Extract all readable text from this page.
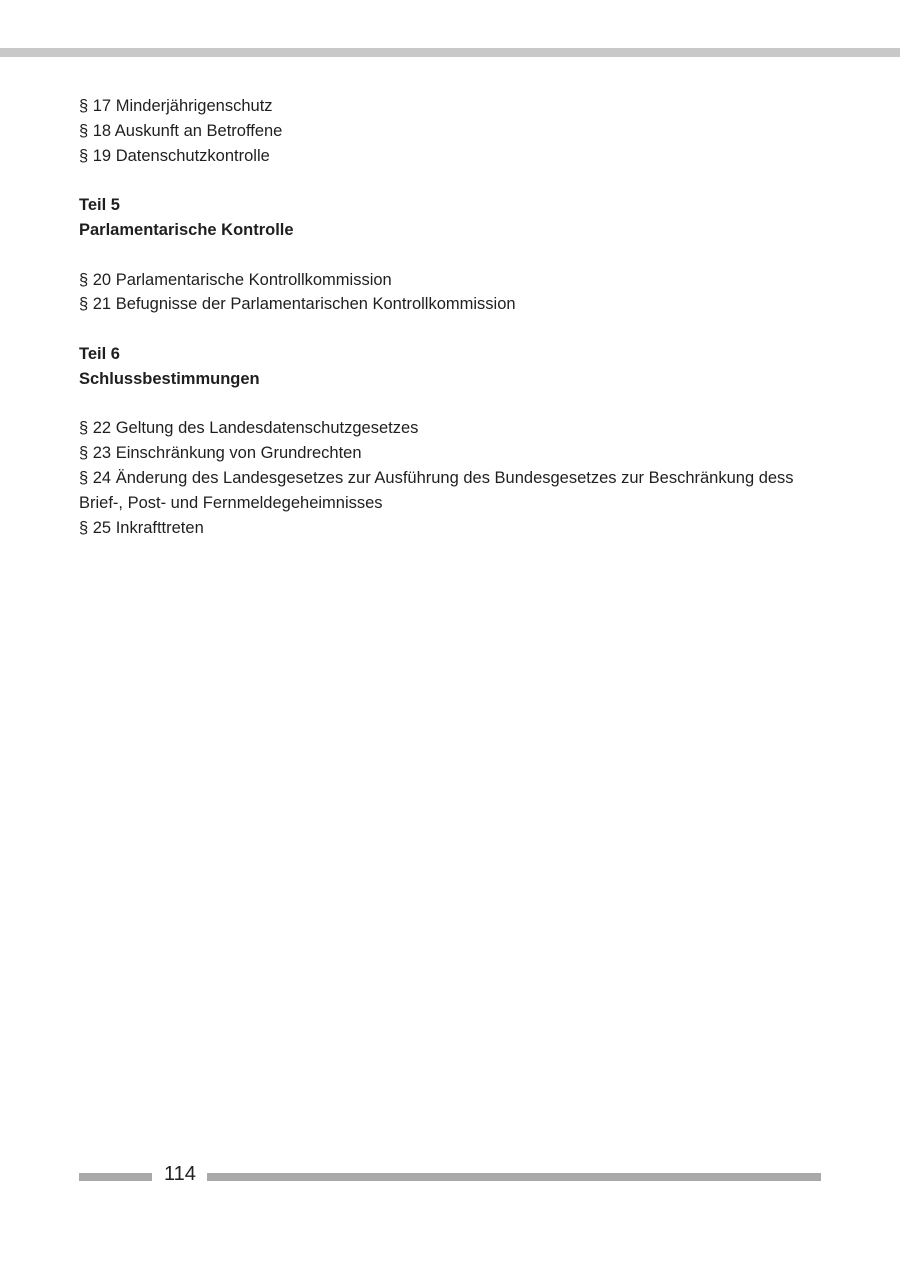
§ 17 Minderjährigenschutz
§ 18 Auskunft an Betroffene
§ 19 Datenschutzkontrolle
Teil 5
Parlamentarische Kontrolle
§ 20 Parlamentarische Kontrollkommission
§ 21 Befugnisse der Parlamentarischen Kontrollkommission
Teil 6
Schlussbestimmungen
§ 22 Geltung des Landesdatenschutzgesetzes
§ 23 Einschränkung von Grundrechten
§ 24 Änderung des Landesgesetzes zur Ausführung des Bundesgesetzes zur Beschränkung dess Brief-, Post- und Fernmeldegeheimnisses
§ 25 Inkrafttreten
114
